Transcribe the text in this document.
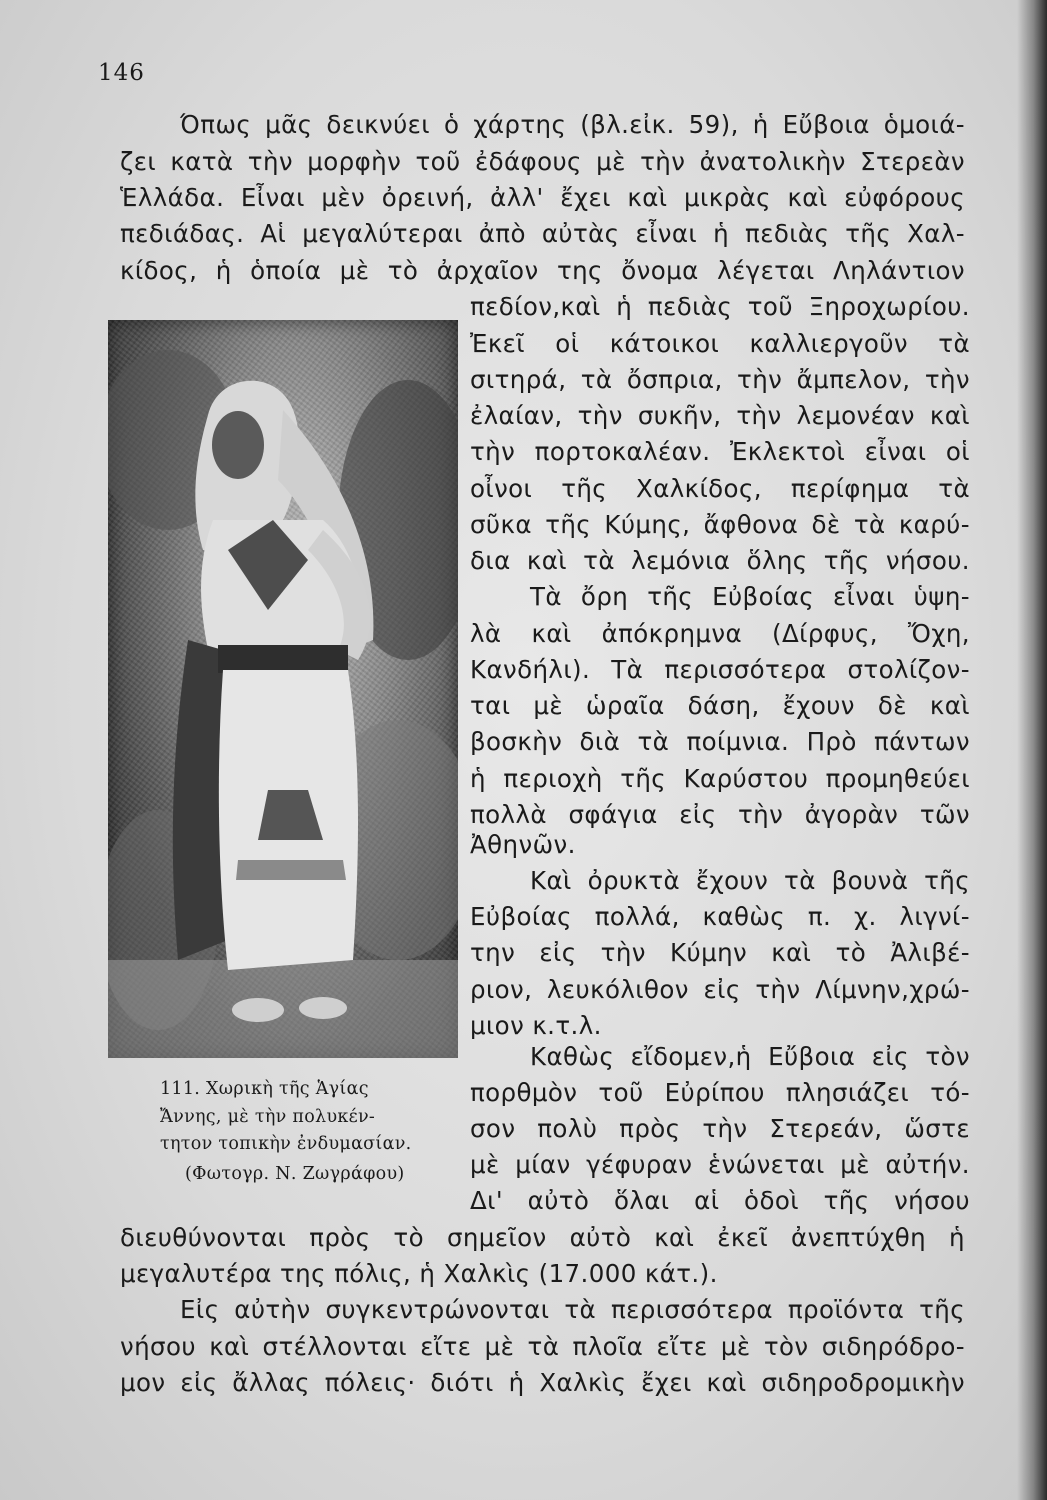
146
Όπως μᾶς δεικνύει ὁ χάρτης (βλ.εἰκ. 59), ἡ Εὔβοια ὁμοιά-
ζει κατὰ τὴν μορφὴν τοῦ ἐδάφους μὲ τὴν ἀνατολικὴν Στερεὰν
Ἑλλάδα. Εἶναι μὲν ὀρεινή, ἀλλ' ἔχει καὶ μικρὰς καὶ εὐφόρους
πεδιάδας. Αἱ μεγαλύτεραι ἀπὸ αὐτὰς εἶναι ἡ πεδιὰς τῆς Χαλ-
κίδος, ἡ ὁποία μὲ τὸ ἀρχαῖον της ὄνομα λέγεται Ληλάντιον
111. Χωρικὴ τῆς Ἁγίας
Ἄννης, μὲ τὴν πολυκέν-
τητον τοπικὴν ἐνδυμασίαν.
(Φωτογρ. Ν. Ζωγράφου)
πεδίον,καὶ ἡ πεδιὰς τοῦ Ξηροχωρίου.
Ἐκεῖ οἱ κάτοικοι καλλιεργοῦν τὰ
σιτηρά, τὰ ὄσπρια, τὴν ἄμπελον, τὴν
ἐλαίαν, τὴν συκῆν, τὴν λεμονέαν καὶ
τὴν πορτοκαλέαν. Ἐκλεκτοὶ εἶναι οἱ
οἶνοι τῆς Χαλκίδος, περίφημα τὰ
σῦκα τῆς Κύμης, ἄφθονα δὲ τὰ καρύ-
δια καὶ τὰ λεμόνια ὅλης τῆς νήσου.
Τὰ ὄρη τῆς Εὐβοίας εἶναι ὑψη-
λὰ καὶ ἀπόκρημνα (Δίρφυς, Ὄχη,
Κανδήλι). Τὰ περισσότερα στολίζον-
ται μὲ ὡραῖα δάση, ἔχουν δὲ καὶ
βοσκὴν διὰ τὰ ποίμνια. Πρὸ πάντων
ἡ περιοχὴ τῆς Καρύστου προμηθεύει
πολλὰ σφάγια εἰς τὴν ἀγορὰν τῶν
Ἀθηνῶν.
Καὶ ὀρυκτὰ ἔχουν τὰ βουνὰ τῆς
Εὐβοίας πολλά, καθὼς π. χ. λιγνί-
την εἰς τὴν Κύμην καὶ τὸ Ἀλιβέ-
ριον, λευκόλιθον εἰς τὴν Λίμνην,χρώ-
μιον κ.τ.λ.
Καθὼς εἴδομεν,ἡ Εὔβοια εἰς τὸν
πορθμὸν τοῦ Εὐρίπου πλησιάζει τό-
σον πολὺ πρὸς τὴν Στερεάν, ὥστε
μὲ μίαν γέφυραν ἑνώνεται μὲ αὐτήν.
Δι' αὐτὸ ὅλαι αἱ ὁδοὶ τῆς νήσου
διευθύνονται πρὸς τὸ σημεῖον αὐτὸ καὶ ἐκεῖ ἀνεπτύχθη ἡ
μεγαλυτέρα της πόλις, ἡ Χαλκὶς (17.000 κάτ.).
Εἰς αὐτὴν συγκεντρώνονται τὰ περισσότερα προϊόντα τῆς
νήσου καὶ στέλλονται εἴτε μὲ τὰ πλοῖα εἴτε μὲ τὸν σιδηρόδρο-
μον εἰς ἄλλας πόλεις· διότι ἡ Χαλκὶς ἔχει καὶ σιδηροδρομικὴν
